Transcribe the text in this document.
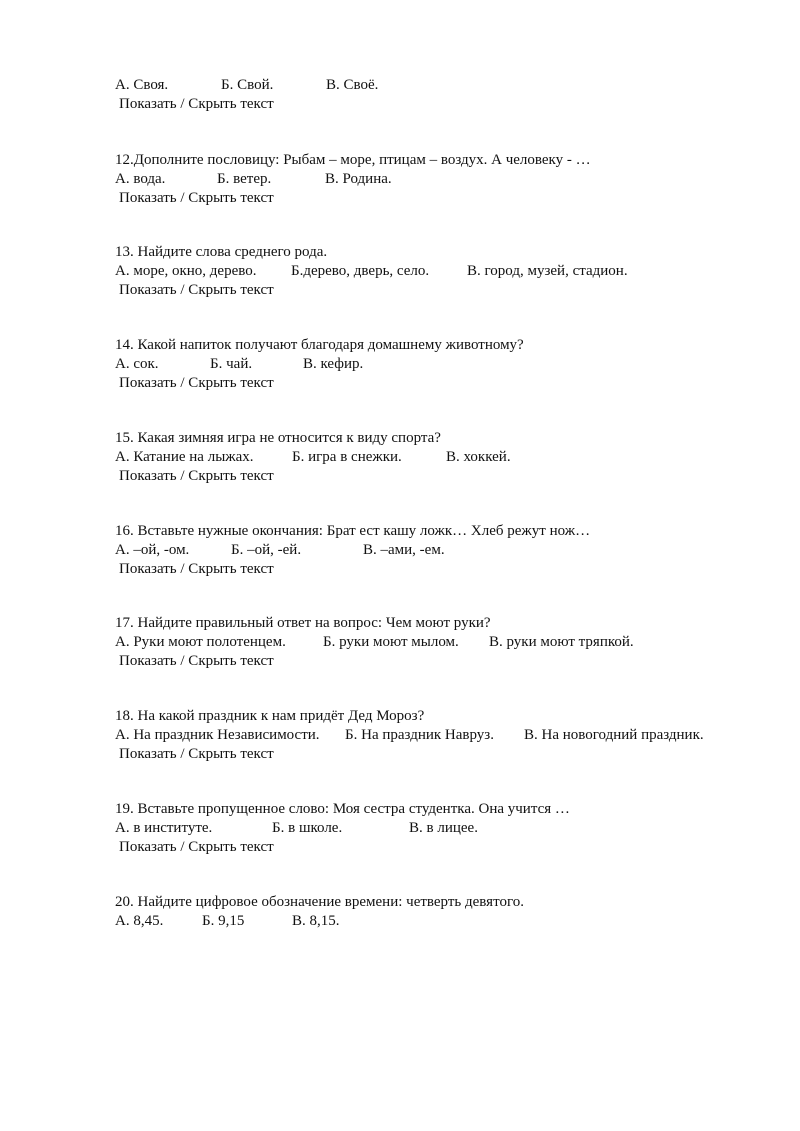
А. Своя.	Б. Свой.	В. Своё.
Показать / Скрыть текст
12.Дополните пословицу: Рыбам – море, птицам – воздух. А человеку - …
А. вода.	Б. ветер.	В. Родина.
Показать / Скрыть текст
13. Найдите слова среднего рода.
А. море, окно, дерево. Б.дерево, дверь, село.	В. город, музей, стадион.
Показать / Скрыть текст
14. Какой напиток получают благодаря домашнему животному?
А. сок.	Б. чай.	В. кефир.
Показать / Скрыть текст
15. Какая зимняя игра не относится к виду спорта?
А. Катание на лыжах.	Б. игра в снежки.	В. хоккей.
Показать / Скрыть текст
16. Вставьте нужные окончания: Брат ест кашу ложк… Хлеб режут нож…
А. –ой, -ом.	Б. –ой, -ей.	В. –ами, -ем.
Показать / Скрыть текст
17. Найдите правильный ответ на вопрос: Чем моют руки?
А. Руки моют полотенцем. Б. руки моют мылом. В. руки моют тряпкой.
Показать / Скрыть текст
18. На какой праздник к нам придёт Дед Мороз?
А. На праздник Независимости. Б. На праздник Навруз. В. На новогодний праздник.
Показать / Скрыть текст
19. Вставьте пропущенное слово: Моя сестра студентка. Она учится …
А. в институте.	Б. в школе.	В. в лицее.
Показать / Скрыть текст
20. Найдите цифровое обозначение времени: четверть девятого.
А. 8,45.	Б. 9,15	В. 8,15.
